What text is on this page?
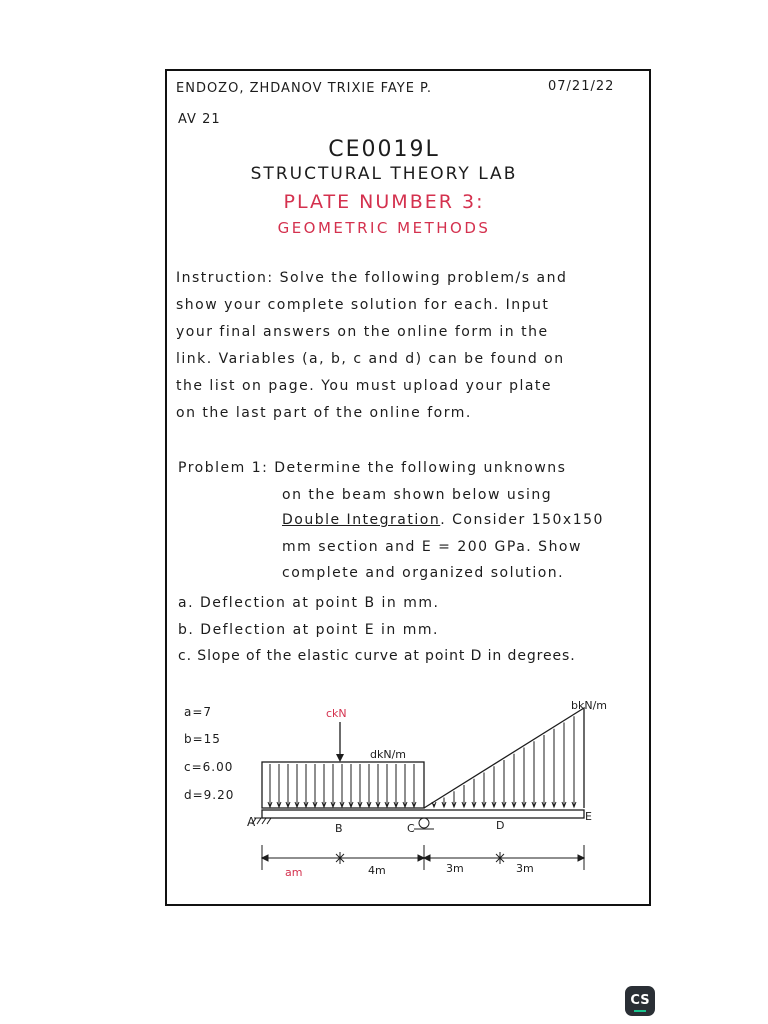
ENDOZO, ZHDANOV TRIXIE FAYE P.	07/21/22
AV 21
CE0019L
STRUCTURAL THEORY LAB
PLATE NUMBER 3:
GEOMETRIC METHODS
Instruction: Solve the following problem/s and
show your complete solution for each. Input
your final answers on the online form in the
link. Variables (a, b, c and d) can be found on
the list on page. You must upload your plate
on the last part of the online form.
Problem 1: Determine the following unknowns
on the beam shown below using
Double Integration. Consider 150x150
mm section and E = 200 GPa. Show
complete and organized solution.
a. Deflection at point B in mm.
b. Deflection at point E in mm.
c. Slope of the elastic curve at point D in degrees.
a=7
b=15
c=6.00
d=9.20
ckN
dkN/m
bkN/m
A	B	C	D
E
am	4m	3m	3m
CS
